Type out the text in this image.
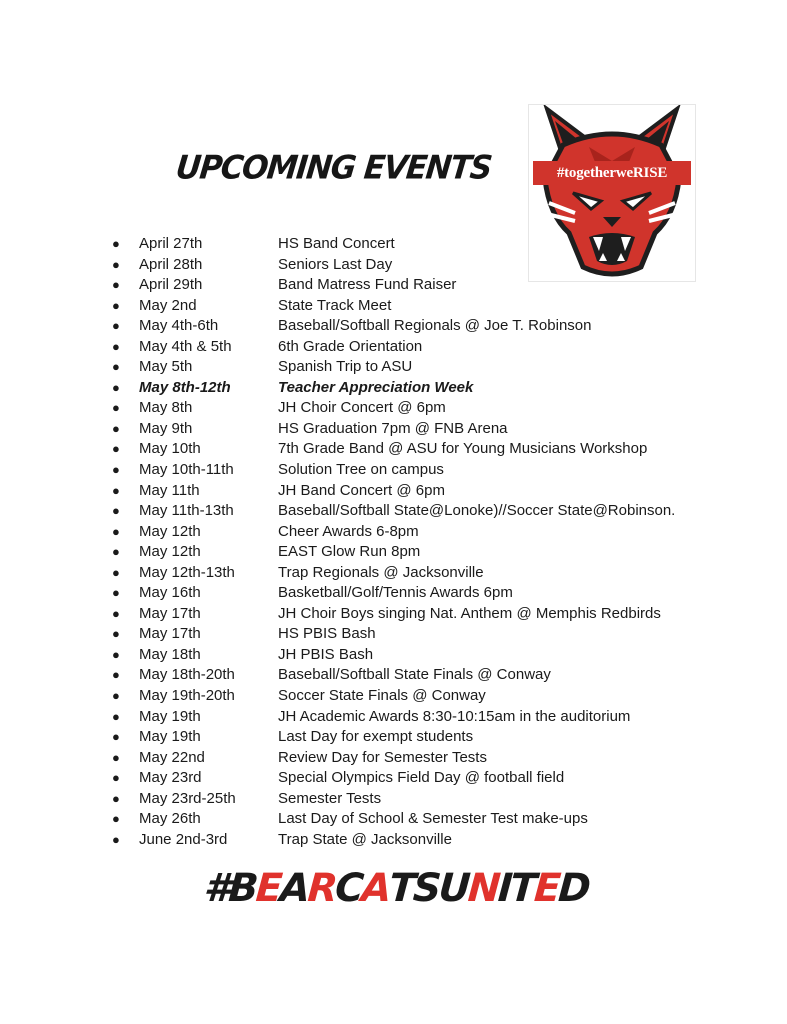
UPCOMING EVENTS	#togetherweRISE
● April 27th	HS Band Concert
● April 28th	Seniors Last Day
● April 29th	Band Matress Fund Raiser
● May 2nd	State Track Meet
● May 4th-6th	Baseball/Softball Regionals @ Joe T. Robinson
● May 4th & 5th	6th Grade Orientation
● May 5th	Spanish Trip to ASU
● May 8th-12th	Teacher Appreciation Week
● May 8th	JH Choir Concert @ 6pm
● May 9th	HS Graduation 7pm @ FNB Arena
● May 10th	7th Grade Band @ ASU for Young Musicians Workshop
● May 10th-11th	Solution Tree on campus
● May 11th	JH Band Concert @ 6pm
● May 11th-13th	Baseball/Softball State@Lonoke)//Soccer State@Robinson.
● May 12th	Cheer Awards 6-8pm
● May 12th	EAST Glow Run 8pm
● May 12th-13th	Trap Regionals @ Jacksonville
● May 16th	Basketball/Golf/Tennis Awards 6pm
● May 17th	JH Choir Boys singing Nat. Anthem @ Memphis Redbirds
● May 17th	HS PBIS Bash
● May 18th	JH PBIS Bash
● May 18th-20th	Baseball/Softball State Finals @ Conway
● May 19th-20th	Soccer State Finals @ Conway
● May 19th	JH Academic Awards 8:30-10:15am in the auditorium
● May 19th	Last Day for exempt students
● May 22nd	Review Day for Semester Tests
● May 23rd	Special Olympics Field Day @ football field
● May 23rd-25th	Semester Tests
● May 26th	Last Day of School & Semester Test make-ups
● June 2nd-3rd	Trap State @ Jacksonville
#BEARCATSUNITED
